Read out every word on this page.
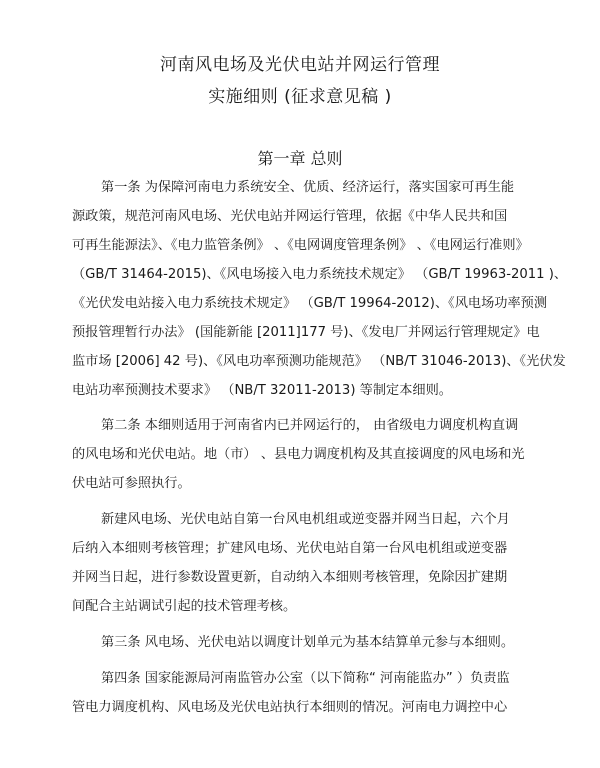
河南风电场及光伏电站并网运行管理
实施细则 (征求意见稿 )
第一章 总则
第一条 为保障河南电力系统安全、优质、经济运行，落实国家可再生能
源政策，规范河南风电场、光伏电站并网运行管理，依据《中华人民共和国
可再生能源法》、《电力监管条例》 、《电网调度管理条例》 、《电网运行准则》
（GB/T 31464-2015)、《风电场接入电力系统技术规定》 （GB/T 19963-2011 )、
《光伏发电站接入电力系统技术规定》 （GB/T 19964-2012)、《风电场功率预测
预报管理暂行办法》 (国能新能 [2011]177 号)、《发电厂并网运行管理规定》电
监市场 [2006] 42 号)、《风电功率预测功能规范》 （NB/T 31046-2013)、《光伏发
电站功率预测技术要求》 （NB/T 32011-2013) 等制定本细则。
第二条 本细则适用于河南省内已并网运行的， 由省级电力调度机构直调
的风电场和光伏电站。地（市） 、县电力调度机构及其直接调度的风电场和光
伏电站可参照执行。
新建风电场、光伏电站自第一台风电机组或逆变器并网当日起，六个月
后纳入本细则考核管理；扩建风电场、光伏电站自第一台风电机组或逆变器
并网当日起，进行参数设置更新，自动纳入本细则考核管理，免除因扩建期
间配合主站调试引起的技术管理考核。
第三条 风电场、光伏电站以调度计划单元为基本结算单元参与本细则。
第四条 国家能源局河南监管办公室（以下简称“ 河南能监办” ）负责监
管电力调度机构、风电场及光伏电站执行本细则的情况。河南电力调控中心
